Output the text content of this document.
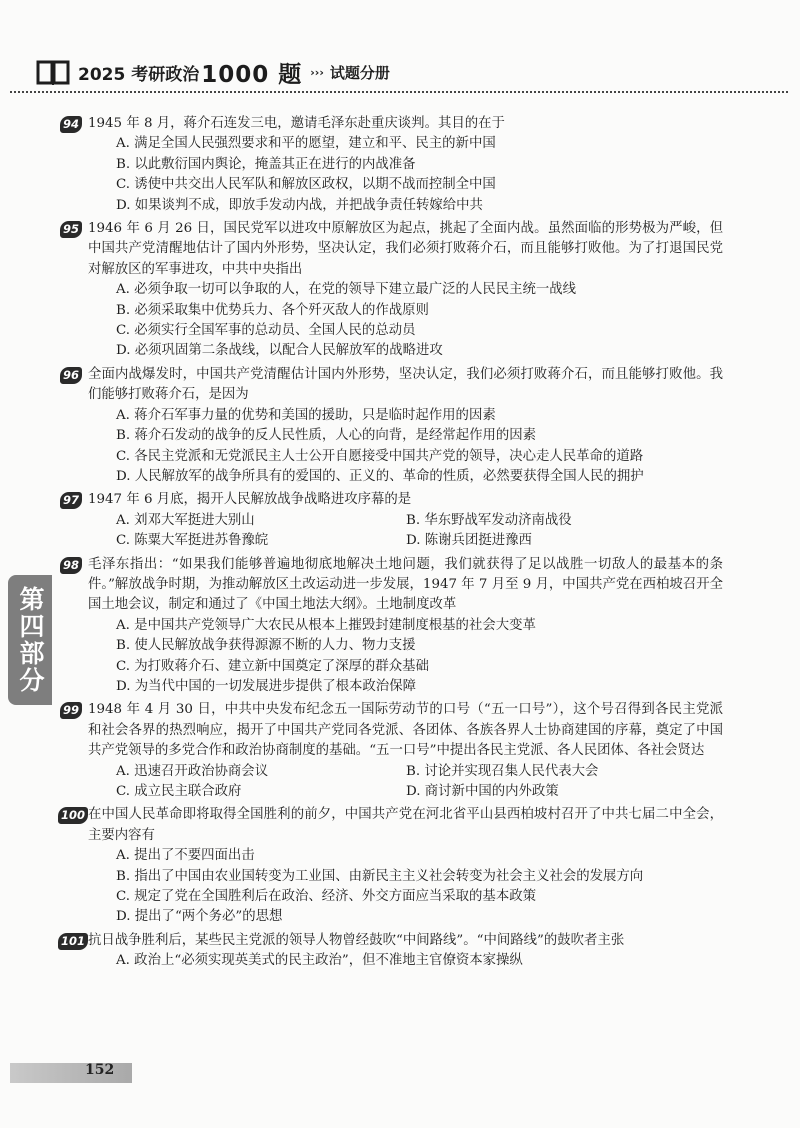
2025 考研政治 1000 题 ››› 试题分册
第四部分
94 1945 年 8 月，蒋介石连发三电，邀请毛泽东赴重庆谈判。其目的在于
A. 满足全国人民强烈要求和平的愿望，建立和平、民主的新中国
B. 以此敷衍国内舆论，掩盖其正在进行的内战准备
C. 诱使中共交出人民军队和解放区政权，以期不战而控制全中国
D. 如果谈判不成，即放手发动内战，并把战争责任转嫁给中共
95 1946 年 6 月 26 日，国民党军以进攻中原解放区为起点，挑起了全面内战。虽然面临的形势极为严峻，但中国共产党清醒地估计了国内外形势，坚决认定，我们必须打败蒋介石，而且能够打败他。为了打退国民党对解放区的军事进攻，中共中央指出
A. 必须争取一切可以争取的人，在党的领导下建立最广泛的人民民主统一战线
B. 必须采取集中优势兵力、各个歼灭敌人的作战原则
C. 必须实行全国军事的总动员、全国人民的总动员
D. 必须巩固第二条战线，以配合人民解放军的战略进攻
96 全面内战爆发时，中国共产党清醒估计国内外形势，坚决认定，我们必须打败蒋介石，而且能够打败他。我们能够打败蒋介石，是因为
A. 蒋介石军事力量的优势和美国的援助，只是临时起作用的因素
B. 蒋介石发动的战争的反人民性质，人心的向背，是经常起作用的因素
C. 各民主党派和无党派民主人士公开自愿接受中国共产党的领导，决心走人民革命的道路
D. 人民解放军的战争所具有的爱国的、正义的、革命的性质，必然要获得全国人民的拥护
97 1947 年 6 月底，揭开人民解放战争战略进攻序幕的是
A. 刘邓大军挺进大别山	B. 华东野战军发动济南战役
C. 陈粟大军挺进苏鲁豫皖	D. 陈谢兵团挺进豫西
98 毛泽东指出：“如果我们能够普遍地彻底地解决土地问题，我们就获得了足以战胜一切敌人的最基本的条件。”解放战争时期，为推动解放区土改运动进一步发展，1947 年 7 月至 9 月，中国共产党在西柏坡召开全国土地会议，制定和通过了《中国土地法大纲》。土地制度改革
A. 是中国共产党领导广大农民从根本上摧毁封建制度根基的社会大变革
B. 使人民解放战争获得源源不断的人力、物力支援
C. 为打败蒋介石、建立新中国奠定了深厚的群众基础
D. 为当代中国的一切发展进步提供了根本政治保障
99 1948 年 4 月 30 日，中共中央发布纪念五一国际劳动节的口号（“五一口号”），这个号召得到各民主党派和社会各界的热烈响应，揭开了中国共产党同各党派、各团体、各族各界人士协商建国的序幕，奠定了中国共产党领导的多党合作和政治协商制度的基础。“五一口号”中提出各民主党派、各人民团体、各社会贤达
A. 迅速召开政治协商会议	B. 讨论并实现召集人民代表大会
C. 成立民主联合政府	D. 商讨新中国的内外政策
100 在中国人民革命即将取得全国胜利的前夕，中国共产党在河北省平山县西柏坡村召开了中共七届二中全会，主要内容有
A. 提出了不要四面出击
B. 指出了中国由农业国转变为工业国、由新民主主义社会转变为社会主义社会的发展方向
C. 规定了党在全国胜利后在政治、经济、外交方面应当采取的基本政策
D. 提出了“两个务必”的思想
101 抗日战争胜利后，某些民主党派的领导人物曾经鼓吹“中间路线”。“中间路线”的鼓吹者主张
A. 政治上“必须实现英美式的民主政治”，但不准地主官僚资本家操纵
152
